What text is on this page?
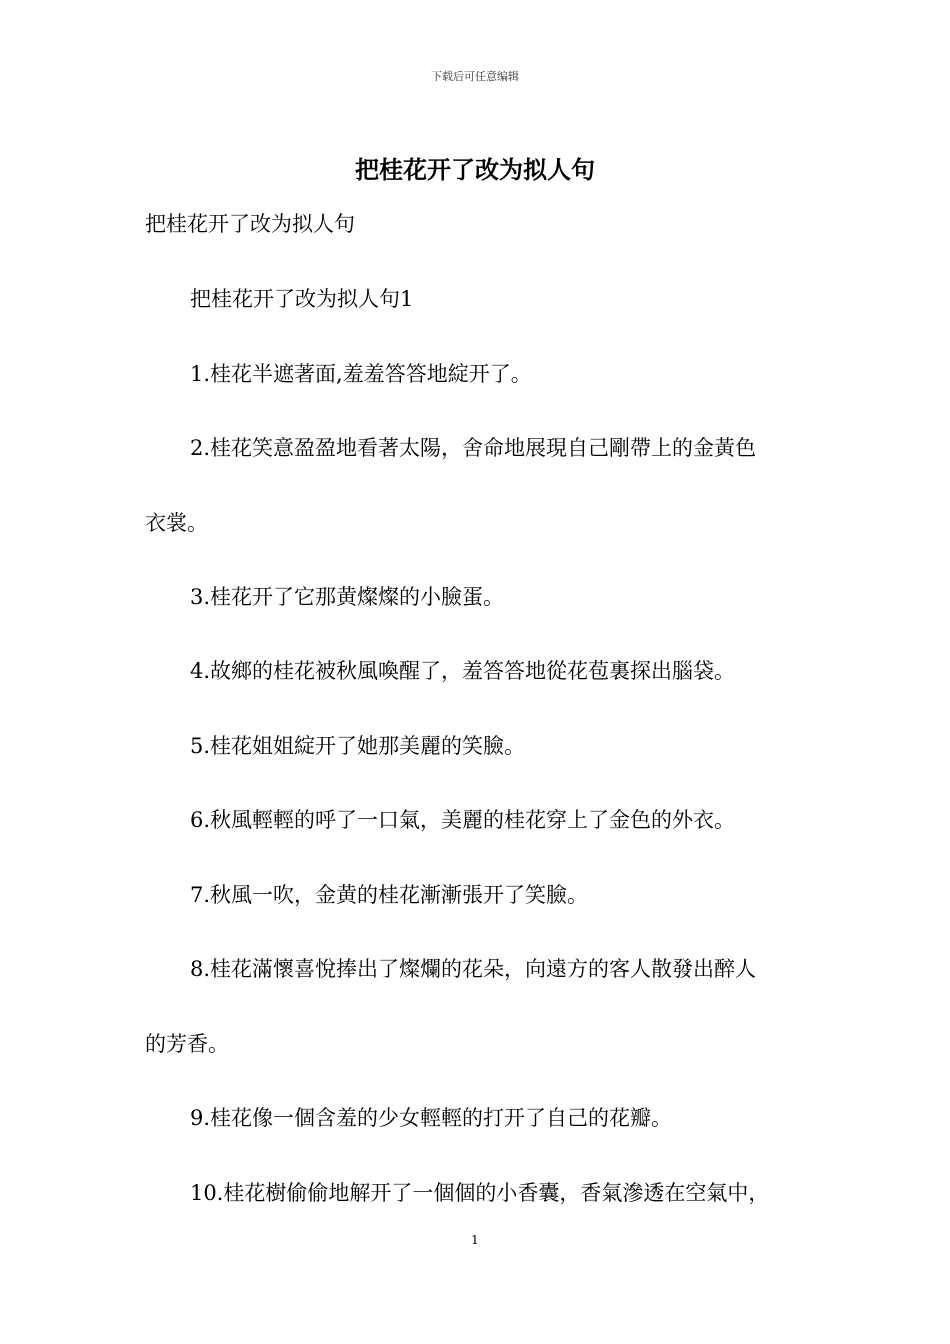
下载后可任意编辑
把桂花开了改为拟人句
把桂花开了改为拟人句
把桂花开了改为拟人句1
1.桂花半遮著面,羞羞答答地綻开了。
2.桂花笑意盈盈地看著太陽，舍命地展現自己剛帶上的金黃色
衣裳。
3.桂花开了它那黄燦燦的小臉蛋。
4.故鄉的桂花被秋風喚醒了，羞答答地從花苞裏探出腦袋。
5.桂花姐姐綻开了她那美麗的笑臉。
6.秋風輕輕的呼了一口氣，美麗的桂花穿上了金色的外衣。
7.秋風一吹，金黄的桂花漸漸張开了笑臉。
8.桂花滿懷喜悅捧出了燦爛的花朵，向遠方的客人散發出醉人
的芳香。
9.桂花像一個含羞的少女輕輕的打开了自己的花瓣。
10.桂花樹偷偷地解开了一個個的小香囊，香氣滲透在空氣中，
1
